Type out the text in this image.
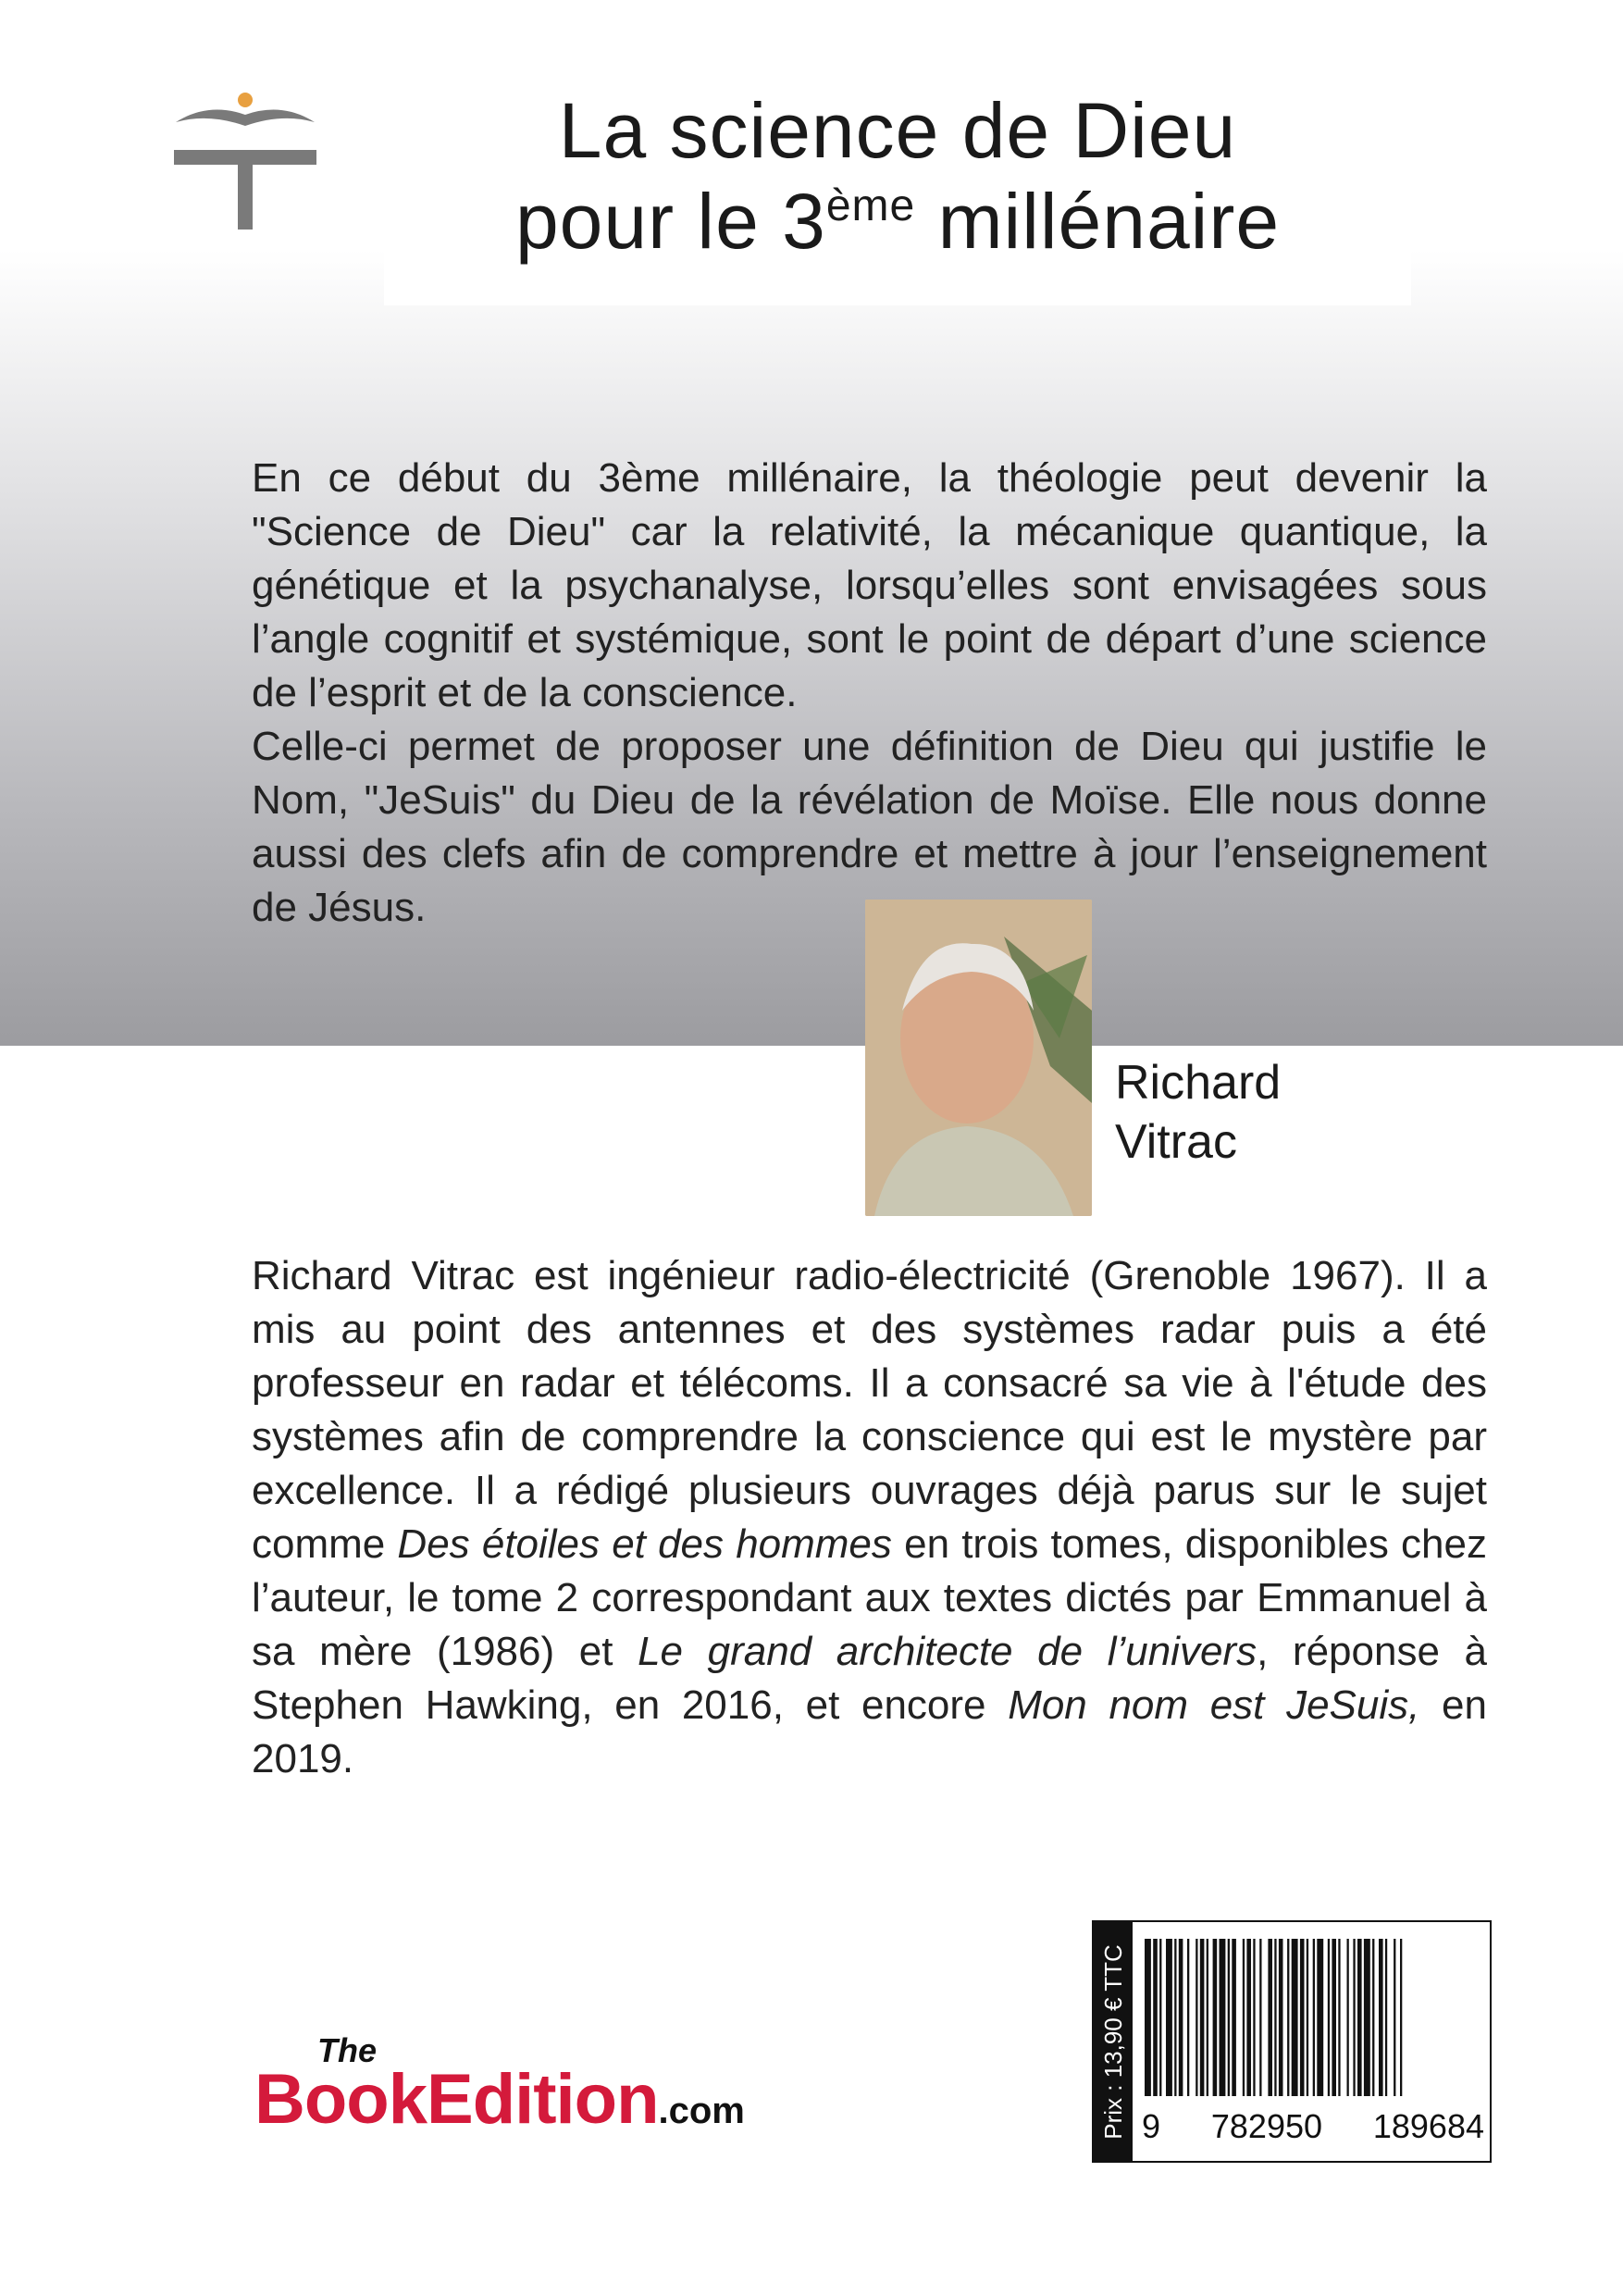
La science de Dieu
pour le 3ème millénaire

En ce début du 3ème millénaire, la théologie peut devenir la "Science de Dieu" car la relativité, la mécanique quantique, la génétique et la psychanalyse, lorsqu’elles sont envisagées sous l’angle cognitif et systémique, sont le point de départ d’une science de l’esprit et de la conscience.

Celle-ci permet de proposer une définition de Dieu qui justifie le Nom, "JeSuis" du Dieu de la révélation de Moïse. Elle nous donne aussi des clefs afin de comprendre et mettre à jour l’enseignement de Jésus.

Richard
Vitrac
Richard Vitrac est ingénieur radio-électricité (Grenoble 1967). Il a mis au point des antennes et des systèmes radar puis a été professeur en radar et télécoms. Il a consacré sa vie à l'étude des systèmes afin de comprendre la conscience qui est le mystère par excellence. Il a rédigé plusieurs ouvrages déjà parus sur le sujet comme Des étoiles et des hommes en trois tomes, disponibles chez l’auteur, le tome 2 correspondant aux textes dictés par Emmanuel à sa mère (1986) et Le grand architecte de l’univers, réponse à Stephen Hawking, en 2016, et encore Mon nom est JeSuis, en 2019.
Prix : 13,90 € TTC 9 782950 189684
The
BookEdition.com
